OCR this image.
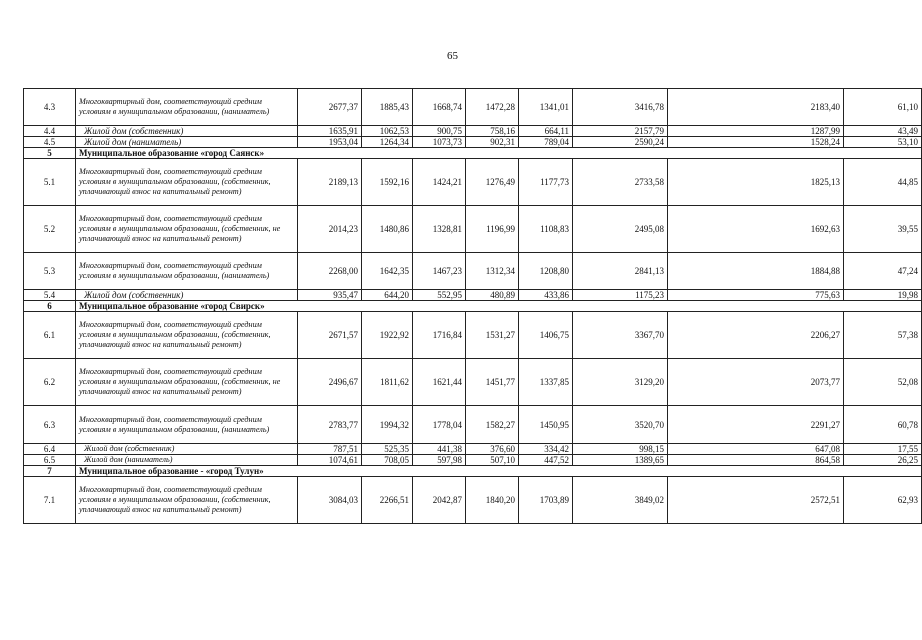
65
4.3	Многоквартирный дом, соответствующий средним условиям в муниципальном образовании, (наниматель)	2677,37	1885,43	1668,74	1472,28	1341,01	3416,78	2183,40	61,10
4.4	Жилой дом (собственник)	1635,91	1062,53	900,75	758,16	664,11	2157,79	1287,99	43,49
4.5	Жилой дом (наниматель)	1953,04	1264,34	1073,73	902,31	789,04	2590,24	1528,24	53,10
5	Муниципальное образование «город Саянск»								
5.1	Многоквартирный дом, соответствующий средним условиям в муниципальном образовании, (собственник, уплачивающий взнос на капитальный ремонт)	2189,13	1592,16	1424,21	1276,49	1177,73	2733,58	1825,13	44,85
5.2	Многоквартирный дом, соответствующий средним условиям в муниципальном образовании, (собственник, не уплачивающий взнос на капитальный ремонт)	2014,23	1480,86	1328,81	1196,99	1108,83	2495,08	1692,63	39,55
5.3	Многоквартирный дом, соответствующий средним условиям в муниципальном образовании, (наниматель)	2268,00	1642,35	1467,23	1312,34	1208,80	2841,13	1884,88	47,24
5.4	Жилой дом (собственник)	935,47	644,20	552,95	480,89	433,86	1175,23	775,63	19,98
6	Муниципальное образование «город Свирск»								
6.1	Многоквартирный дом, соответствующий средним условиям в муниципальном образовании, (собственник, уплачивающий взнос на капитальный ремонт)	2671,57	1922,92	1716,84	1531,27	1406,75	3367,70	2206,27	57,38
6.2	Многоквартирный дом, соответствующий средним условиям в муниципальном образовании, (собственник, не уплачивающий взнос на капитальный ремонт)	2496,67	1811,62	1621,44	1451,77	1337,85	3129,20	2073,77	52,08
6.3	Многоквартирный дом, соответствующий средним условиям в муниципальном образовании, (наниматель)	2783,77	1994,32	1778,04	1582,27	1450,95	3520,70	2291,27	60,78
6.4	Жилой дом (собственник)	787,51	525,35	441,38	376,60	334,42	998,15	647,08	17,55
6.5	Жилой дом (наниматель)	1074,61	708,05	597,98	507,10	447,52	1389,65	864,58	26,25
7	Муниципальное образование - «город Тулун»								
7.1	Многоквартирный дом, соответствующий средним условиям в муниципальном образовании, (собственник, уплачивающий взнос на капитальный ремонт)	3084,03	2266,51	2042,87	1840,20	1703,89	3849,02	2572,51	62,93
